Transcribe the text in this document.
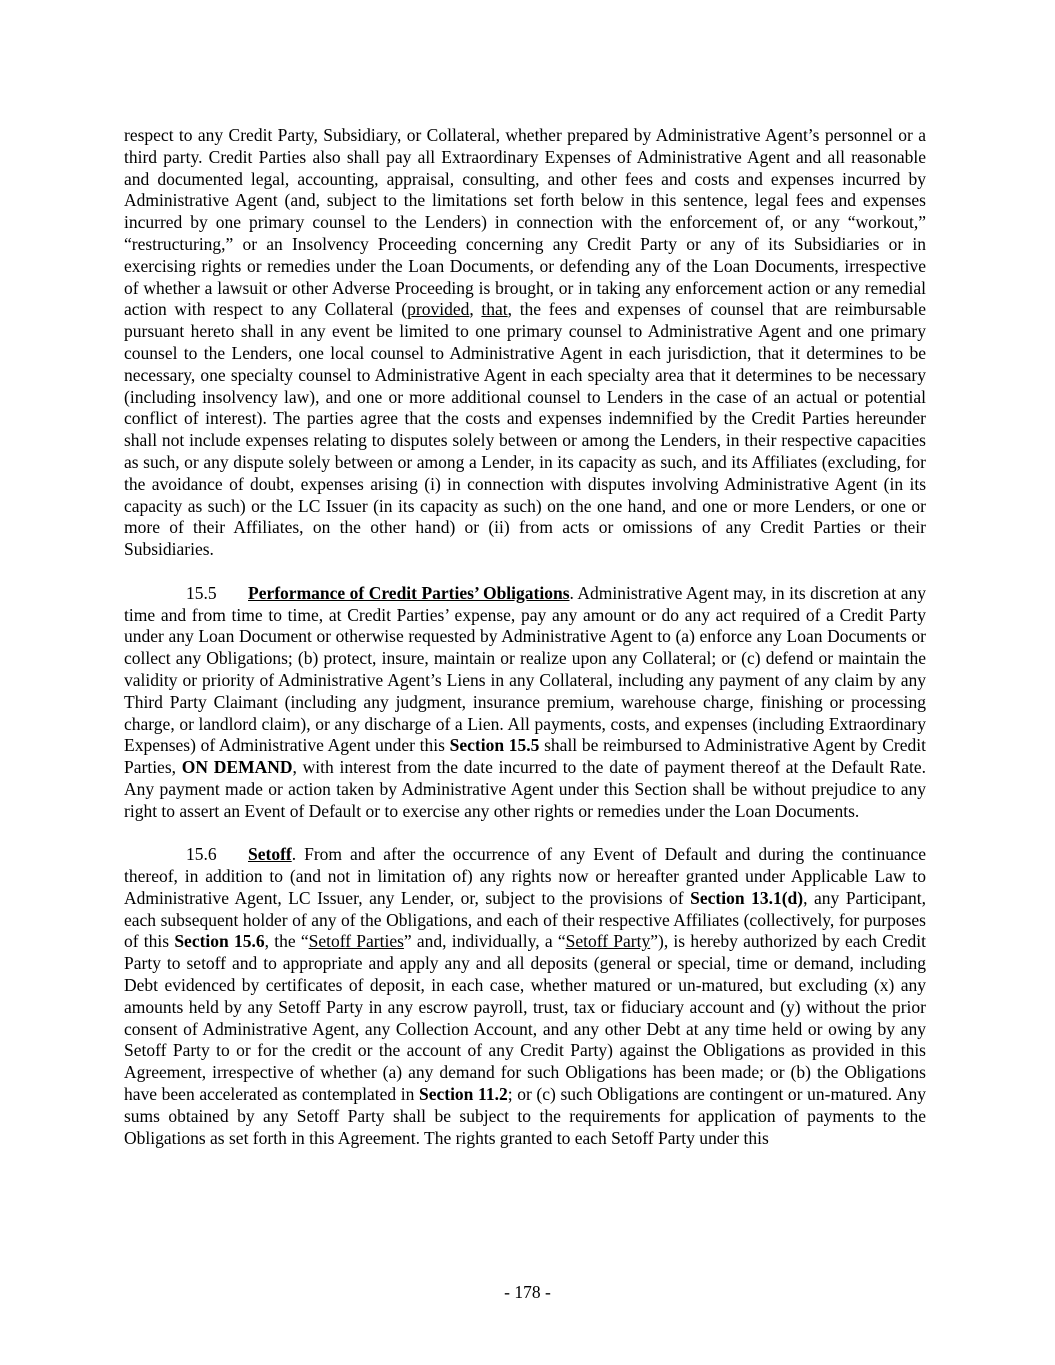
respect to any Credit Party, Subsidiary, or Collateral, whether prepared by Administrative Agent’s personnel or a third party. Credit Parties also shall pay all Extraordinary Expenses of Administrative Agent and all reasonable and documented legal, accounting, appraisal, consulting, and other fees and costs and expenses incurred by Administrative Agent (and, subject to the limitations set forth below in this sentence, legal fees and expenses incurred by one primary counsel to the Lenders) in connection with the enforcement of, or any “workout,” “restructuring,” or an Insolvency Proceeding concerning any Credit Party or any of its Subsidiaries or in exercising rights or remedies under the Loan Documents, or defending any of the Loan Documents, irrespective of whether a lawsuit or other Adverse Proceeding is brought, or in taking any enforcement action or any remedial action with respect to any Collateral (provided, that, the fees and expenses of counsel that are reimbursable pursuant hereto shall in any event be limited to one primary counsel to Administrative Agent and one primary counsel to the Lenders, one local counsel to Administrative Agent in each jurisdiction, that it determines to be necessary, one specialty counsel to Administrative Agent in each specialty area that it determines to be necessary (including insolvency law), and one or more additional counsel to Lenders in the case of an actual or potential conflict of interest). The parties agree that the costs and expenses indemnified by the Credit Parties hereunder shall not include expenses relating to disputes solely between or among the Lenders, in their respective capacities as such, or any dispute solely between or among a Lender, in its capacity as such, and its Affiliates (excluding, for the avoidance of doubt, expenses arising (i) in connection with disputes involving Administrative Agent (in its capacity as such) or the LC Issuer (in its capacity as such) on the one hand, and one or more Lenders, or one or more of their Affiliates, on the other hand) or (ii) from acts or omissions of any Credit Parties or their Subsidiaries.

15.5 Performance of Credit Parties’ Obligations. Administrative Agent may, in its discretion at any time and from time to time, at Credit Parties’ expense, pay any amount or do any act required of a Credit Party under any Loan Document or otherwise requested by Administrative Agent to (a) enforce any Loan Documents or collect any Obligations; (b) protect, insure, maintain or realize upon any Collateral; or (c) defend or maintain the validity or priority of Administrative Agent’s Liens in any Collateral, including any payment of any claim by any Third Party Claimant (including any judgment, insurance premium, warehouse charge, finishing or processing charge, or landlord claim), or any discharge of a Lien. All payments, costs, and expenses (including Extraordinary Expenses) of Administrative Agent under this Section 15.5 shall be reimbursed to Administrative Agent by Credit Parties, ON DEMAND, with interest from the date incurred to the date of payment thereof at the Default Rate. Any payment made or action taken by Administrative Agent under this Section shall be without prejudice to any right to assert an Event of Default or to exercise any other rights or remedies under the Loan Documents.

15.6 Setoff. From and after the occurrence of any Event of Default and during the continuance thereof, in addition to (and not in limitation of) any rights now or hereafter granted under Applicable Law to Administrative Agent, LC Issuer, any Lender, or, subject to the provisions of Section 13.1(d), any Participant, each subsequent holder of any of the Obligations, and each of their respective Affiliates (collectively, for purposes of this Section 15.6, the “Setoff Parties” and, individually, a “Setoff Party”), is hereby authorized by each Credit Party to setoff and to appropriate and apply any and all deposits (general or special, time or demand, including Debt evidenced by certificates of deposit, in each case, whether matured or un-matured, but excluding (x) any amounts held by any Setoff Party in any escrow payroll, trust, tax or fiduciary account and (y) without the prior consent of Administrative Agent, any Collection Account, and any other Debt at any time held or owing by any Setoff Party to or for the credit or the account of any Credit Party) against the Obligations as provided in this Agreement, irrespective of whether (a) any demand for such Obligations has been made; or (b) the Obligations have been accelerated as contemplated in Section 11.2; or (c) such Obligations are contingent or un-matured. Any sums obtained by any Setoff Party shall be subject to the requirements for application of payments to the Obligations as set forth in this Agreement. The rights granted to each Setoff Party under this

- 178 -
